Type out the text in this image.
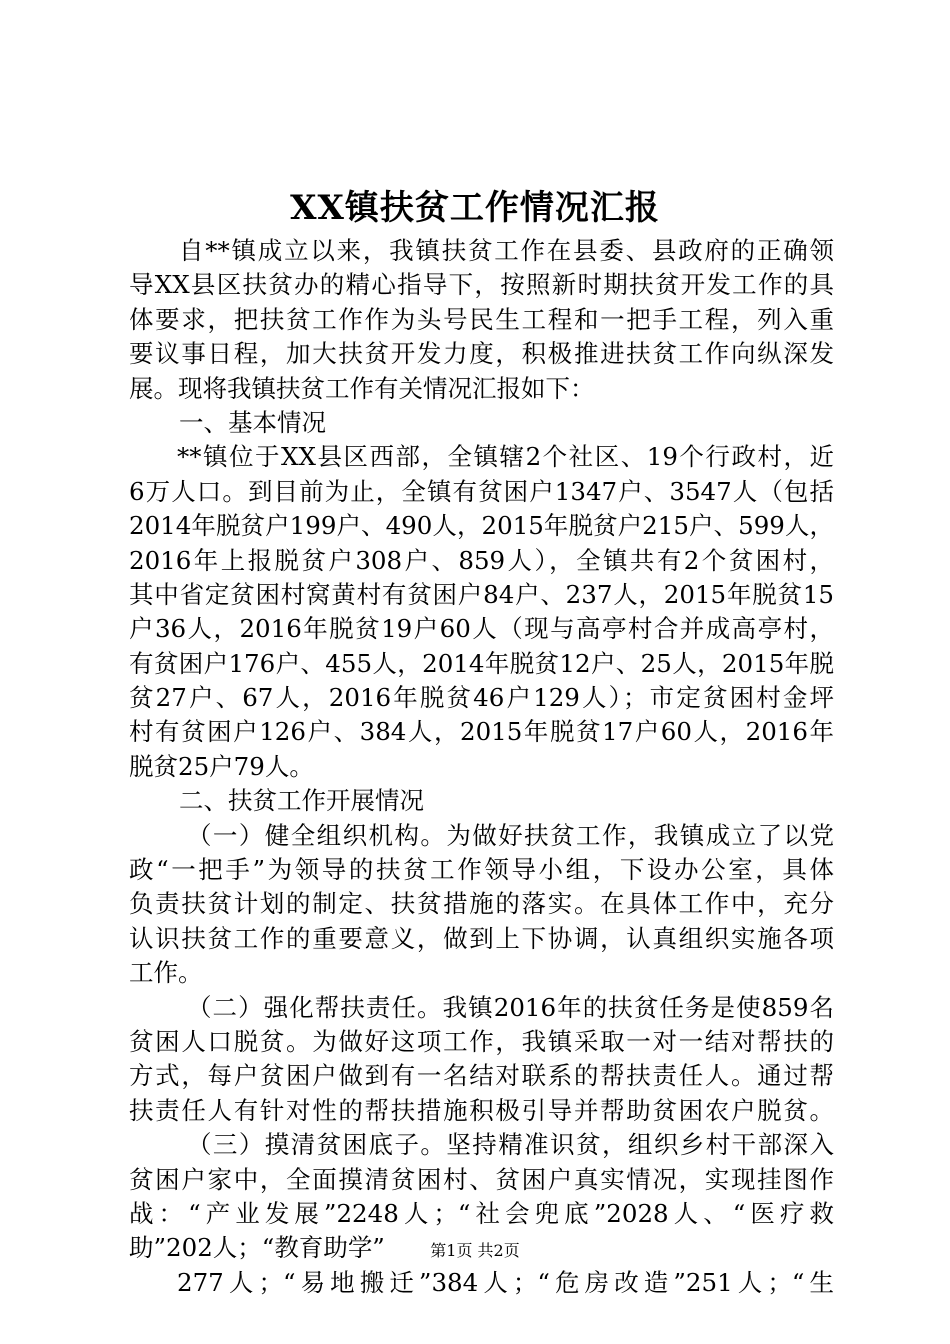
XX镇扶贫工作情况汇报
自**镇成立以来，我镇扶贫工作在县委、县政府的正确领
导XX县区扶贫办的精心指导下，按照新时期扶贫开发工作的具
体要求，把扶贫工作作为头号民生工程和一把手工程，列入重
要议事日程，加大扶贫开发力度，积极推进扶贫工作向纵深发
展。现将我镇扶贫工作有关情况汇报如下：
一、基本情况
**镇位于XX县区西部，全镇辖2个社区、19个行政村，近
6万人口。到目前为止，全镇有贫困户1347户、3547人（包括
2014年脱贫户199户、490人，2015年脱贫户215户、599人，
2016年上报脱贫户308户、859人），全镇共有2个贫困村，
其中省定贫困村窝黄村有贫困户84户、237人，2015年脱贫15
户36人，2016年脱贫19户60人（现与高亭村合并成高亭村，
有贫困户176户、455人，2014年脱贫12户、25人，2015年脱
贫27户、67人，2016年脱贫46户129人）；市定贫困村金坪
村有贫困户126户、384人，2015年脱贫17户60人，2016年
脱贫25户79人。
二、扶贫工作开展情况
（一）健全组织机构。为做好扶贫工作，我镇成立了以党
政“一把手”为领导的扶贫工作领导小组，下设办公室，具体
负责扶贫计划的制定、扶贫措施的落实。在具体工作中，充分
认识扶贫工作的重要意义，做到上下协调，认真组织实施各项
工作。
（二）强化帮扶责任。我镇2016年的扶贫任务是使859名
贫困人口脱贫。为做好这项工作，我镇采取一对一结对帮扶的
方式，每户贫困户做到有一名结对联系的帮扶责任人。通过帮
扶责任人有针对性的帮扶措施积极引导并帮助贫困农户脱贫。
（三）摸清贫困底子。坚持精准识贫，组织乡村干部深入
贫困户家中，全面摸清贫困村、贫困户真实情况，实现挂图作
战：“产业发展”2248人；“社会兜底”2028人、“医疗救
助”202人；“教育助学”
277人；“易地搬迁”384人；“危房改造”251人；“生
第1页 共2页
